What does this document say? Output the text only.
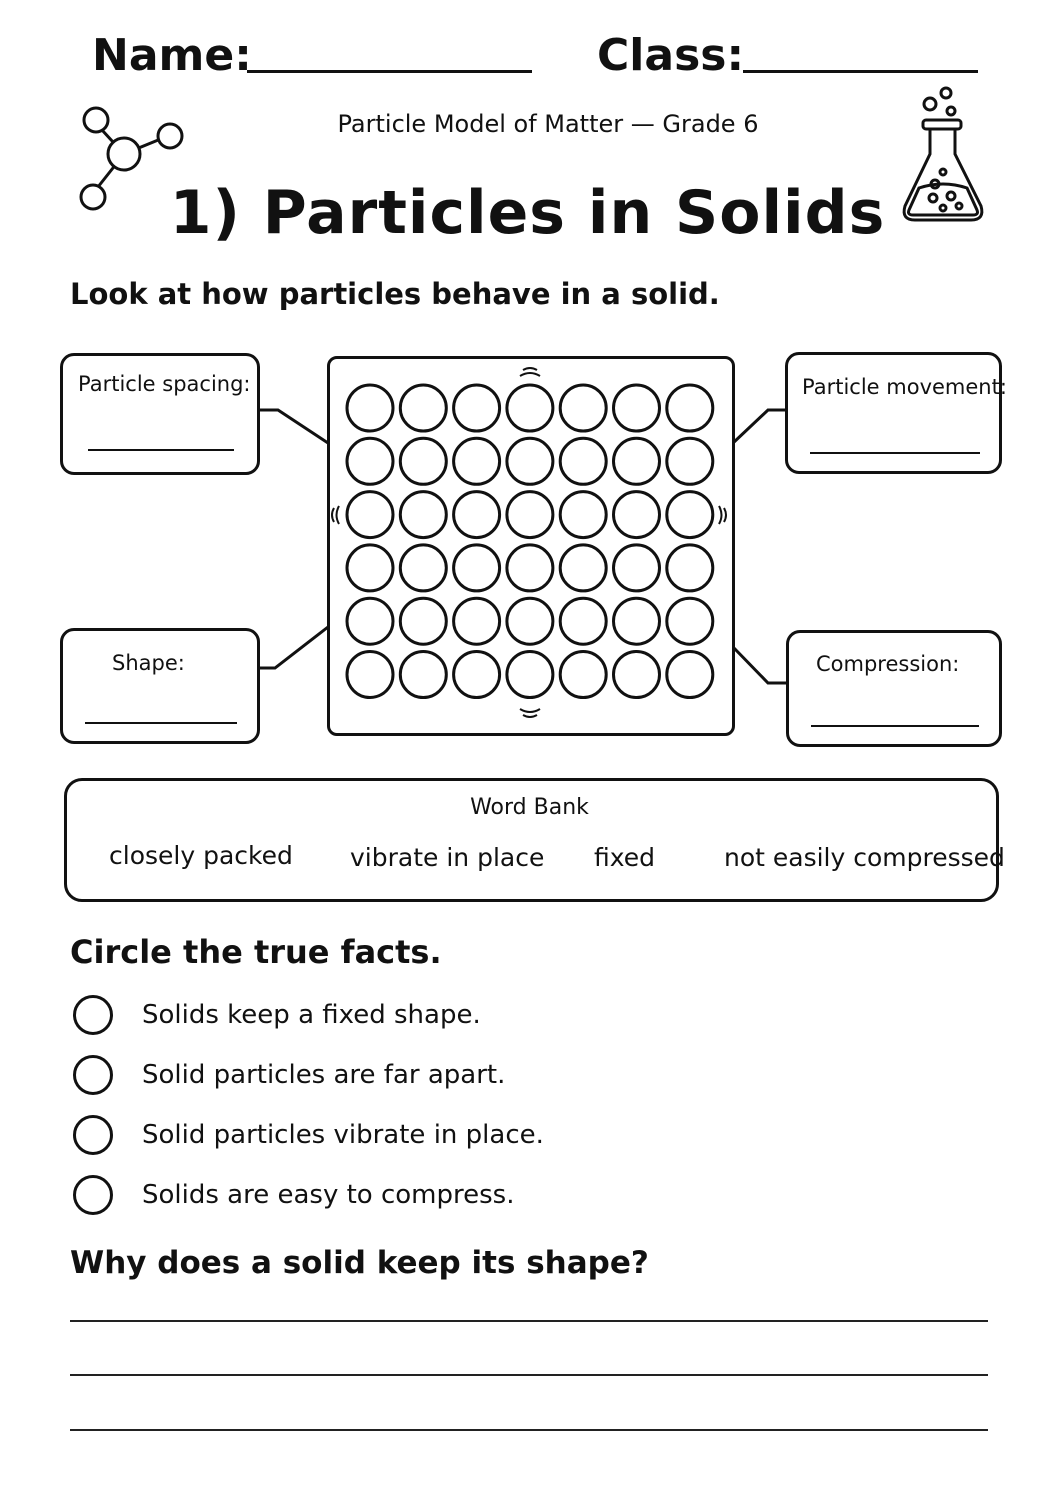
Name:	Class:
Particle Model of Matter — Grade 6
1) Particles in Solids
Look at how particles behave in a solid.
Particle spacing:	Particle movement:
Shape:	Compression:
Word Bank
closely packed vibrate in place fixed	not easily compressed
Circle the true facts.
Solids keep a fixed shape.
Solid particles are far apart.
Solid particles vibrate in place.
Solids are easy to compress.
Why does a solid keep its shape?
